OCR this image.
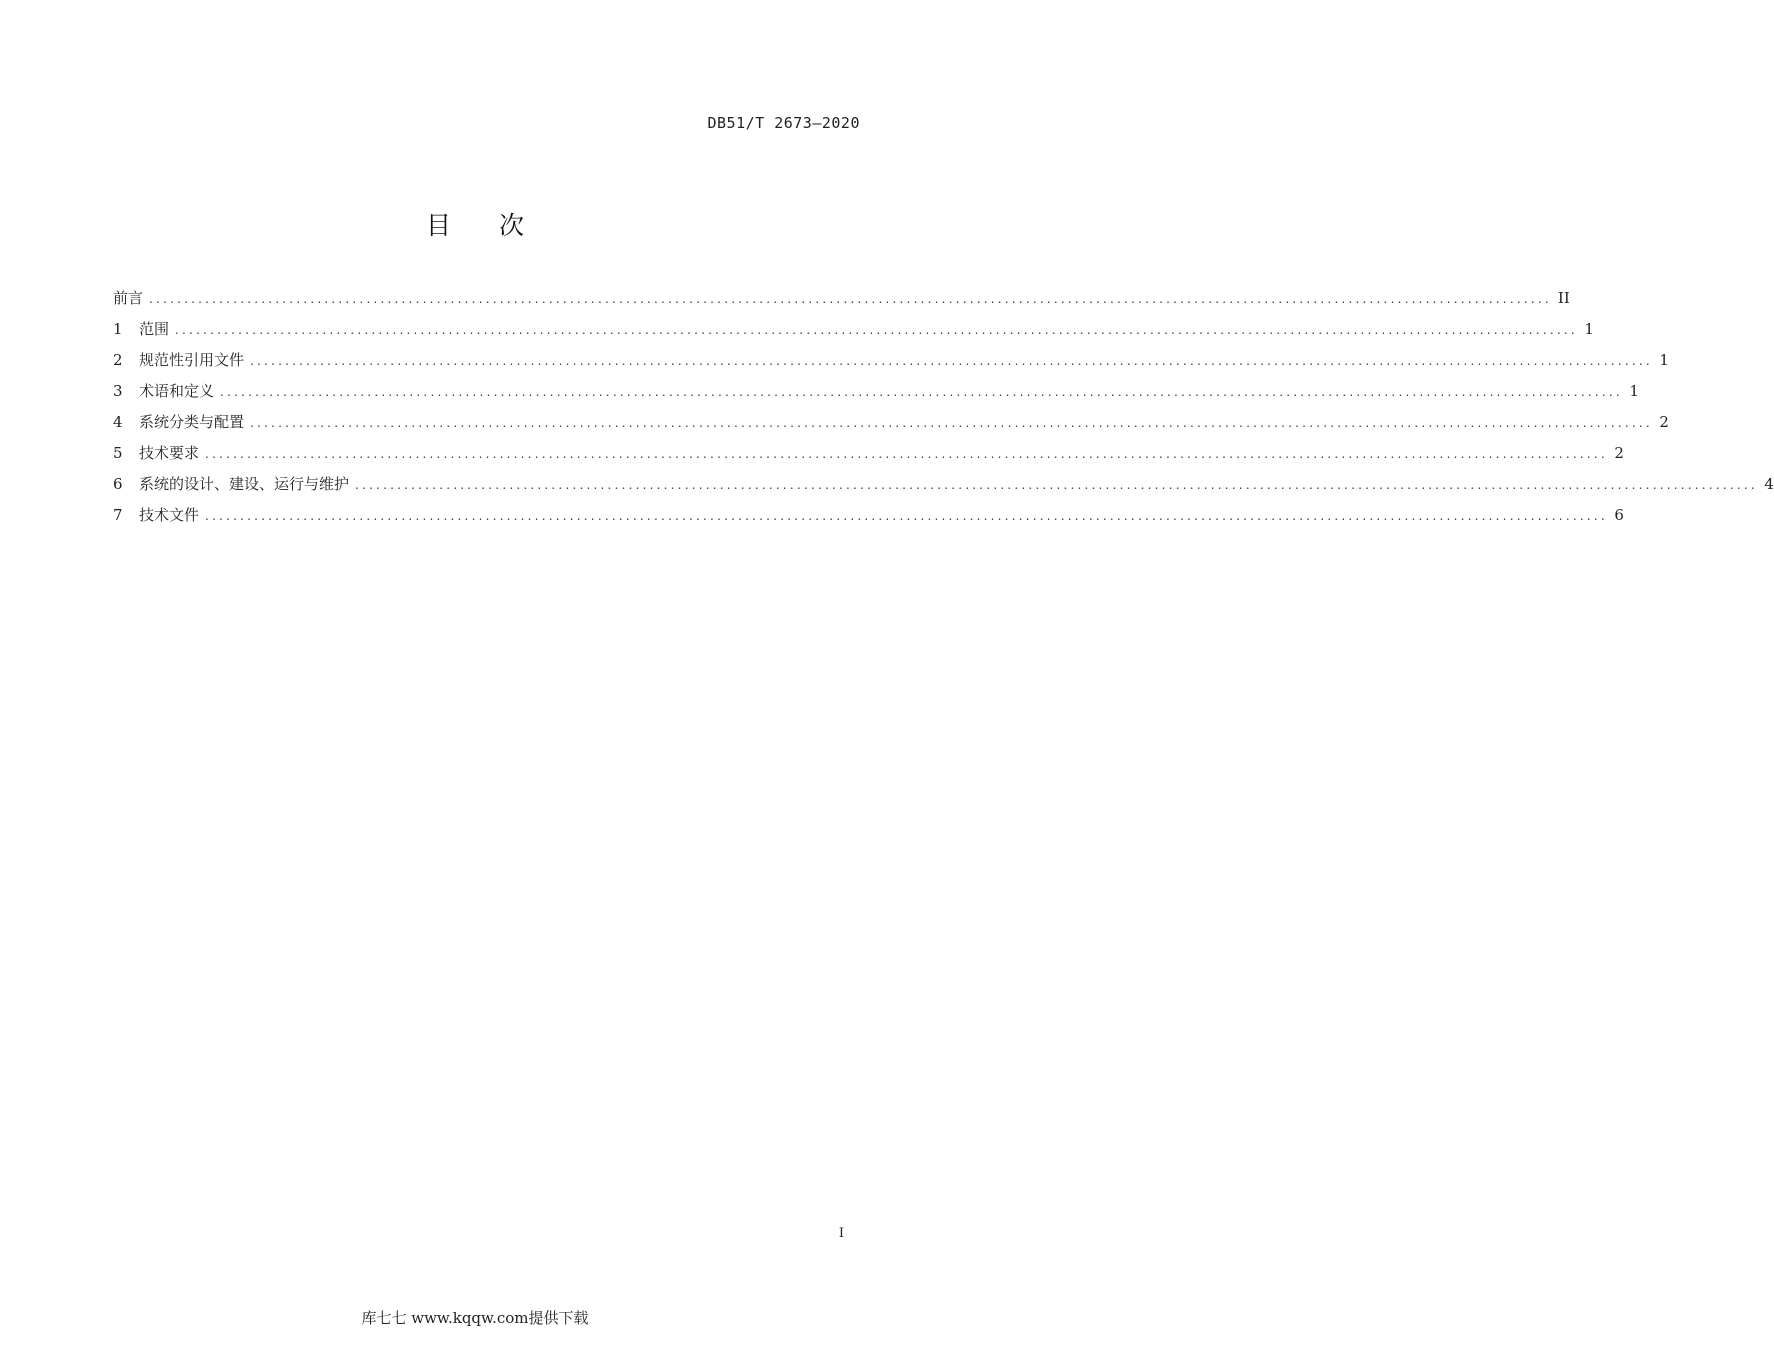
DB51/T 2673—2020
目 次
前言 ........................................................................................................................................................................................................ II
1	范围 ........................................................................................................................................................................................................ 1
2	规范性引用文件 ........................................................................................................................................................................................................ 1
3	术语和定义 ........................................................................................................................................................................................................ 1
4	系统分类与配置 ........................................................................................................................................................................................................ 2
5	技术要求 ........................................................................................................................................................................................................ 2
6	系统的设计、建设、运行与维护 ........................................................................................................................................................................................................ 4
7	技术文件 ........................................................................................................................................................................................................ 6
I
库七七 www.kqqw.com提供下载
